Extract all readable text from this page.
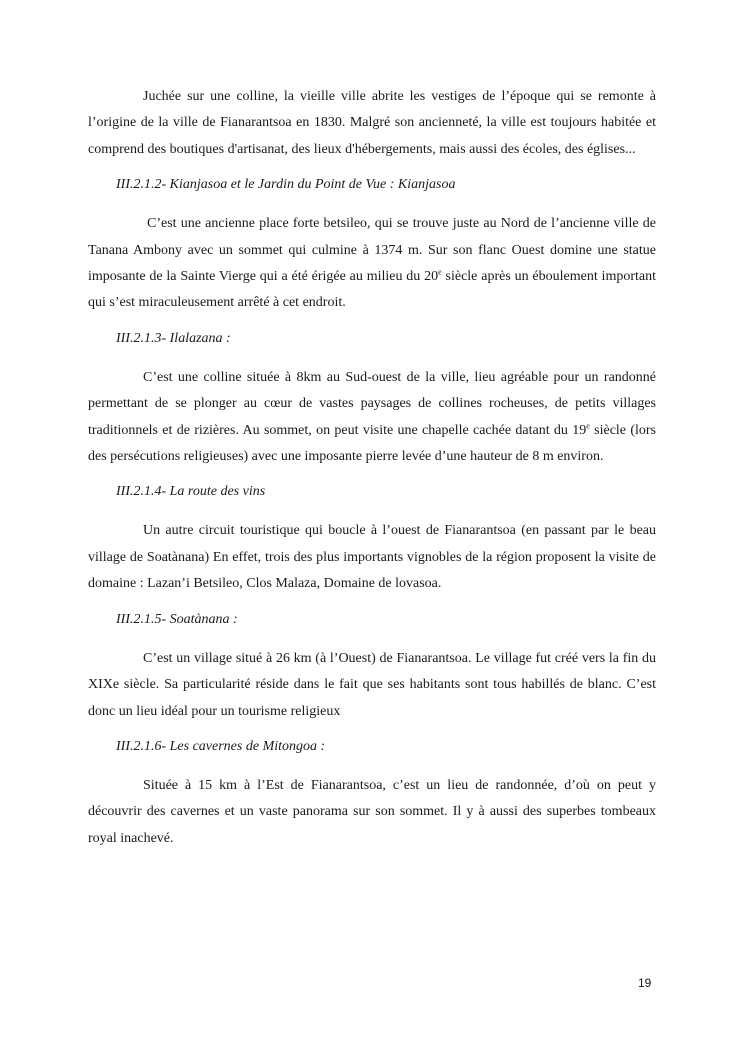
Juchée sur une colline, la vieille ville abrite les vestiges de l’époque qui se remonte à l’origine de la ville de Fianarantsoa en 1830. Malgré son ancienneté, la ville est toujours habitée et comprend des boutiques d'artisanat, des lieux d'hébergements, mais aussi des écoles, des églises...

III.2.1.2- Kianjasoa et le Jardin du Point de Vue : Kianjasoa

C’est une ancienne place forte betsileo, qui se trouve juste au Nord de l’ancienne ville de Tanana Ambony avec un sommet qui culmine à 1374 m. Sur son flanc Ouest domine une statue imposante de la Sainte Vierge qui a été érigée au milieu du 20e siècle après un éboulement important qui s’est miraculeusement arrêté à cet endroit.

III.2.1.3- Ilalazana :

C’est une colline située à 8km au Sud-ouest de la ville, lieu agréable pour un randonné permettant de se plonger au cœur de vastes paysages de collines rocheuses, de petits villages traditionnels et de rizières. Au sommet, on peut visite une chapelle cachée datant du 19e siècle (lors des persécutions religieuses) avec une imposante pierre levée d’une hauteur de 8 m environ.

III.2.1.4- La route des vins

Un autre circuit touristique qui boucle à l’ouest de Fianarantsoa (en passant par le beau village de Soatànana) En effet, trois des plus importants vignobles de la région proposent la visite de domaine : Lazan’i Betsileo, Clos Malaza, Domaine de lovasoa.

III.2.1.5- Soatànana :

C’est un village situé à 26 km (à l’Ouest) de Fianarantsoa. Le village fut créé vers la fin du XIXe siècle. Sa particularité réside dans le fait que ses habitants sont tous habillés de blanc. C’est donc un lieu idéal pour un tourisme religieux

III.2.1.6- Les cavernes de Mitongoa :

Située à 15 km à l’Est de Fianarantsoa, c’est un lieu de randonnée, d’où on peut y découvrir des cavernes et un vaste panorama sur son sommet. Il y à aussi des superbes tombeaux royal inachevé.

19
